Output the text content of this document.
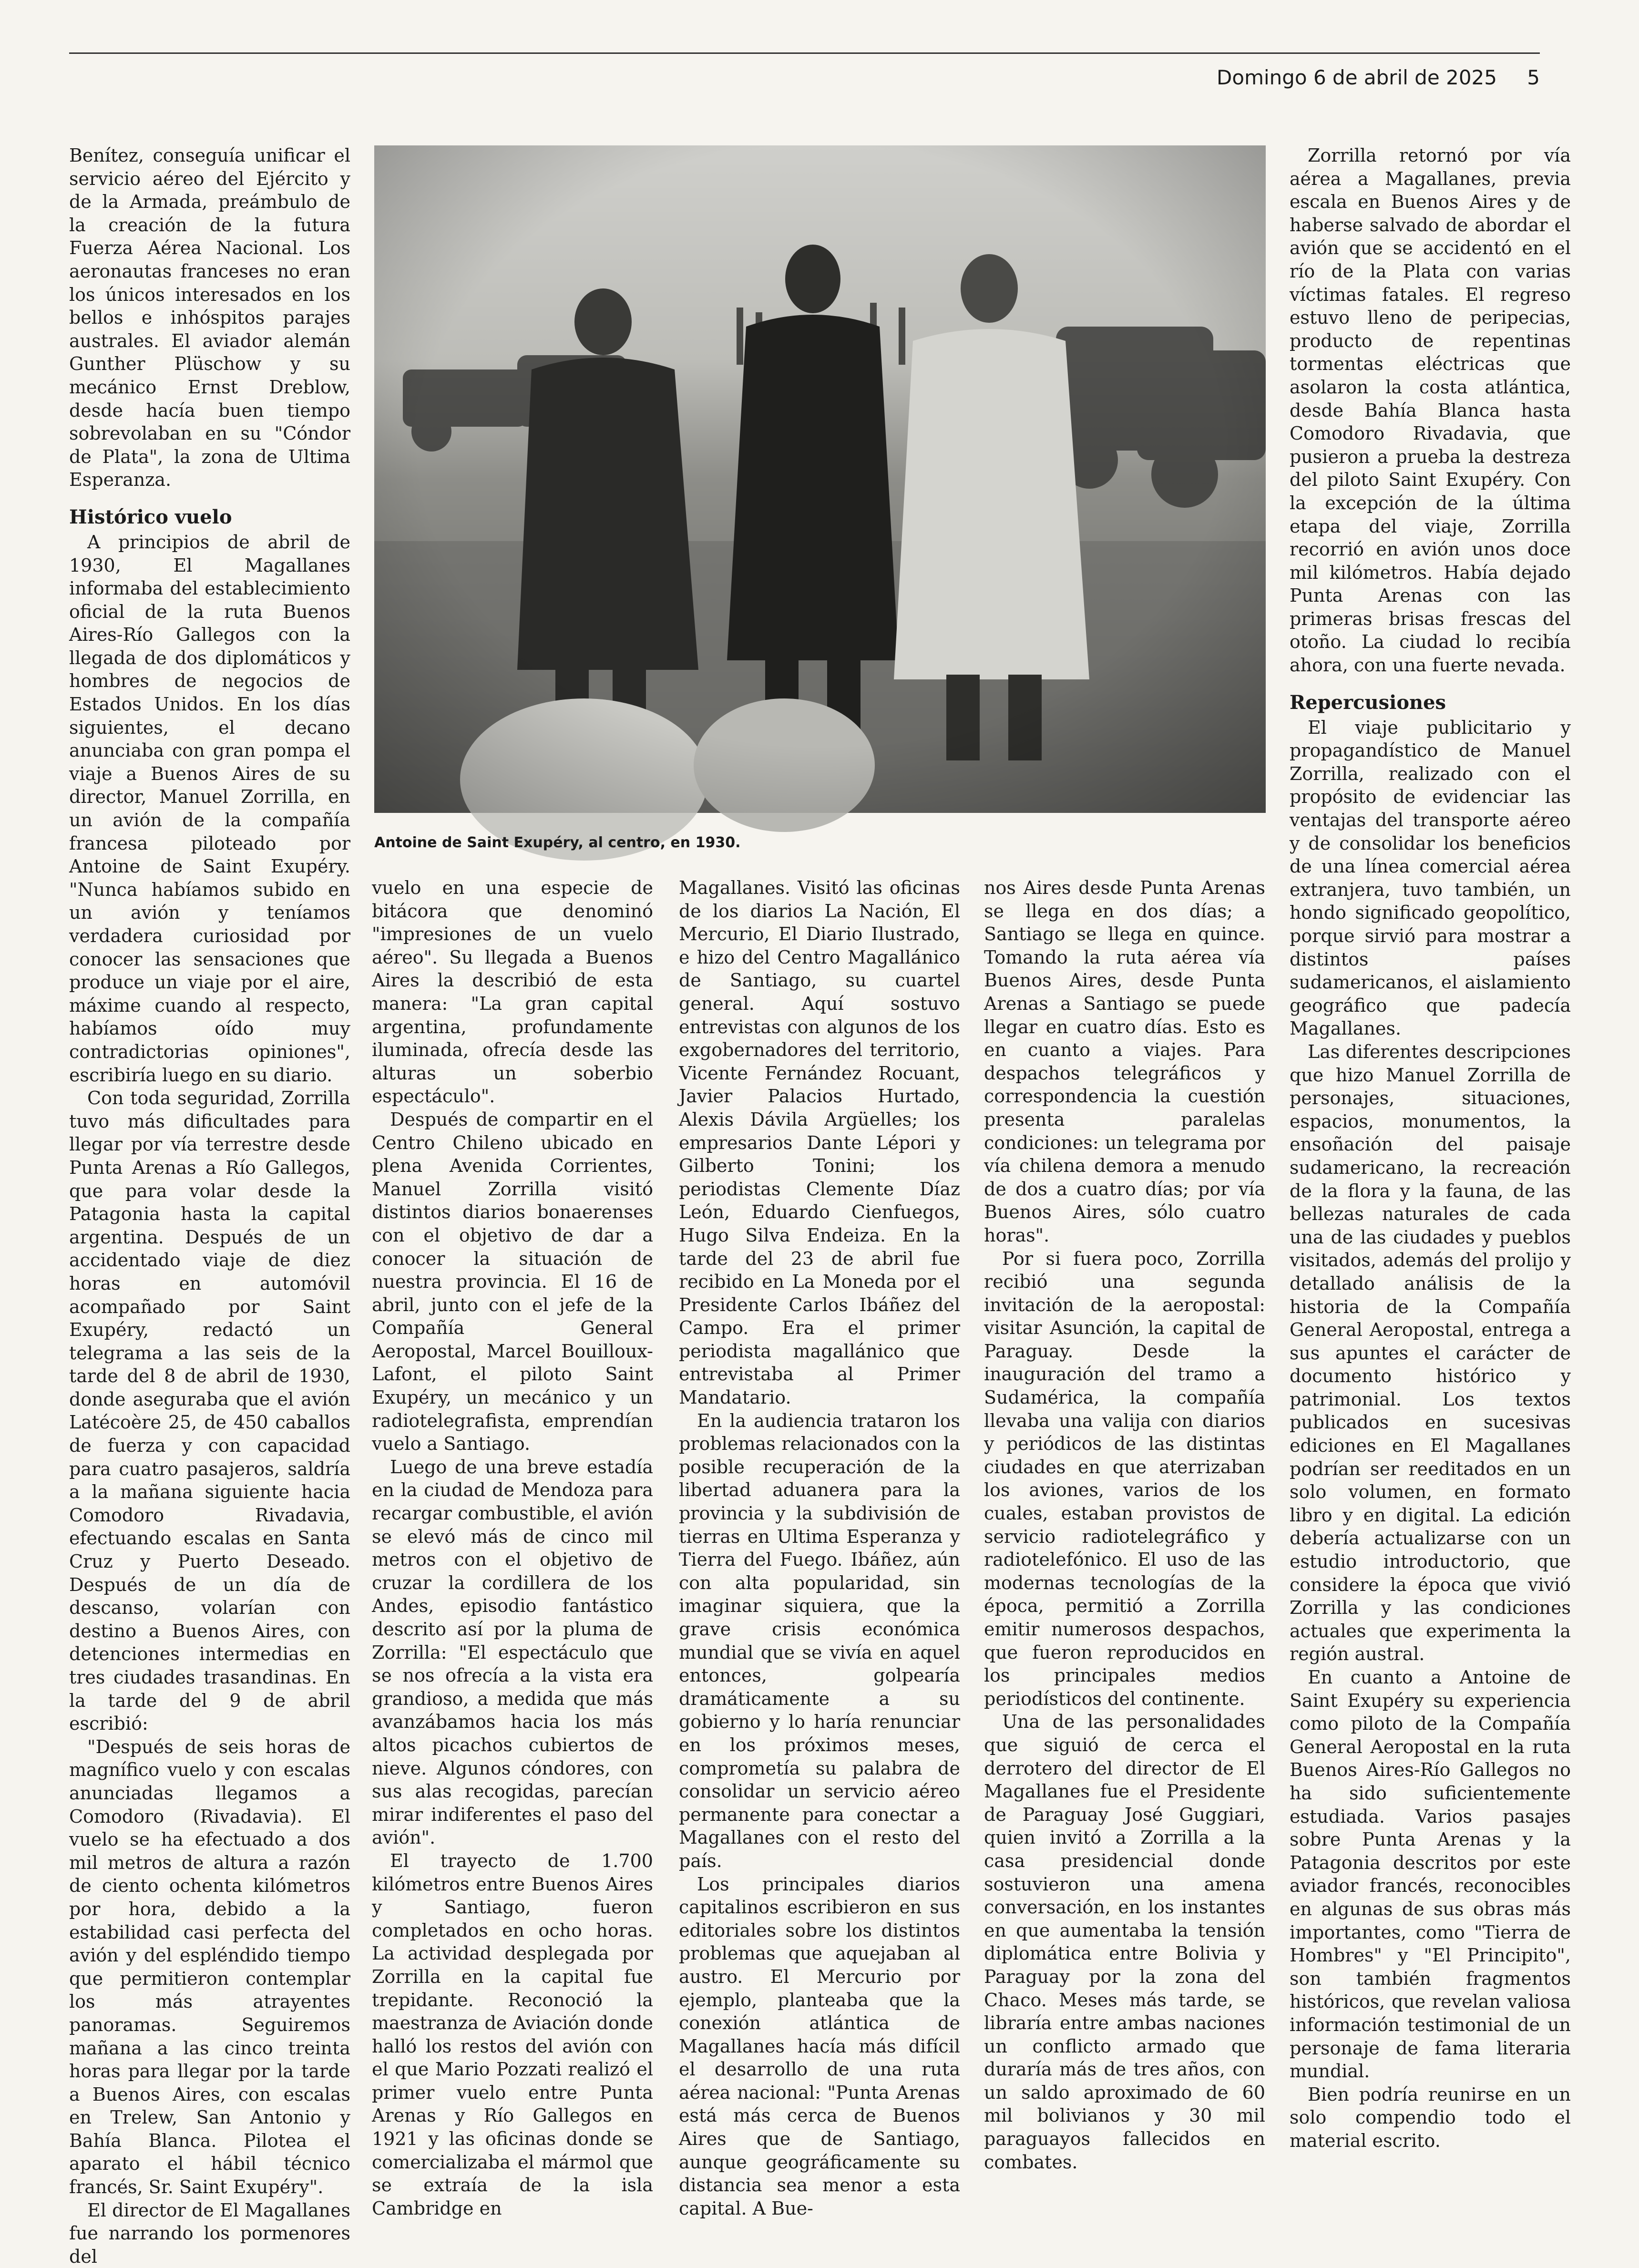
Domingo 6 de abril de 2025	5
Antoine de Saint Exupéry, al centro, en 1930.

Benítez, conseguía unificar el servicio aéreo del Ejército y de la Armada, preámbulo de la creación de la futura Fuerza Aérea Nacional. Los aeronautas franceses no eran los únicos interesados en los bellos e inhóspitos parajes australes. El aviador alemán Gunther Plüschow y su mecánico Ernst Dreblow, desde hacía buen tiempo sobrevolaban en su "Cóndor de Plata", la zona de Ultima Esperanza.

Histórico vuelo

A principios de abril de 1930, El Magallanes informaba del establecimiento oficial de la ruta Buenos Aires-Río Gallegos con la llegada de dos diplomáticos y hombres de negocios de Estados Unidos. En los días siguientes, el decano anunciaba con gran pompa el viaje a Buenos Aires de su director, Manuel Zorrilla, en un avión de la compañía francesa piloteado por Antoine de Saint Exupéry. "Nunca habíamos subido en un avión y teníamos verdadera curiosidad por conocer las sensaciones que produce un viaje por el aire, máxime cuando al respecto, habíamos oído muy contradictorias opiniones", escribiría luego en su diario.

Con toda seguridad, Zorrilla tuvo más dificultades para llegar por vía terrestre desde Punta Arenas a Río Gallegos, que para volar desde la Patagonia hasta la capital argentina. Después de un accidentado viaje de diez horas en automóvil acompañado por Saint Exupéry, redactó un telegrama a las seis de la tarde del 8 de abril de 1930, donde aseguraba que el avión Latécoère 25, de 450 caballos de fuerza y con capacidad para cuatro pasajeros, saldría a la mañana siguiente hacia Comodoro Rivadavia, efectuando escalas en Santa Cruz y Puerto Deseado. Después de un día de descanso, volarían con destino a Buenos Aires, con detenciones intermedias en tres ciudades trasandinas. En la tarde del 9 de abril escribió:

"Después de seis horas de magnífico vuelo y con escalas anunciadas llegamos a Comodoro (Rivadavia). El vuelo se ha efectuado a dos mil metros de altura a razón de ciento ochenta kilómetros por hora, debido a la estabilidad casi perfecta del avión y del espléndido tiempo que permitieron contemplar los más atrayentes panoramas. Seguiremos mañana a las cinco treinta horas para llegar por la tarde a Buenos Aires, con escalas en Trelew, San Antonio y Bahía Blanca. Pilotea el aparato el hábil técnico francés, Sr. Saint Exupéry".

El director de El Magallanes fue narrando los pormenores del

vuelo en una especie de bitácora que denominó "impresiones de un vuelo aéreo". Su llegada a Buenos Aires la describió de esta manera: "La gran capital argentina, profundamente iluminada, ofrecía desde las alturas un soberbio espectáculo".

Después de compartir en el Centro Chileno ubicado en plena Avenida Corrientes, Manuel Zorrilla visitó distintos diarios bonaerenses con el objetivo de dar a conocer la situación de nuestra provincia. El 16 de abril, junto con el jefe de la Compañía General Aeropostal, Marcel Bouilloux-Lafont, el piloto Saint Exupéry, un mecánico y un radiotelegrafista, emprendían vuelo a Santiago.

Luego de una breve estadía en la ciudad de Mendoza para recargar combustible, el avión se elevó más de cinco mil metros con el objetivo de cruzar la cordillera de los Andes, episodio fantástico descrito así por la pluma de Zorrilla: "El espectáculo que se nos ofrecía a la vista era grandioso, a medida que más avanzábamos hacia los más altos picachos cubiertos de nieve. Algunos cóndores, con sus alas recogidas, parecían mirar indiferentes el paso del avión".

El trayecto de 1.700 kilómetros entre Buenos Aires y Santiago, fueron completados en ocho horas. La actividad desplegada por Zorrilla en la capital fue trepidante. Reconoció la maestranza de Aviación donde halló los restos del avión con el que Mario Pozzati realizó el primer vuelo entre Punta Arenas y Río Gallegos en 1921 y las oficinas donde se comercializaba el mármol que se extraía de la isla Cambridge en

Magallanes. Visitó las oficinas de los diarios La Nación, El Mercurio, El Diario Ilustrado, e hizo del Centro Magallánico de Santiago, su cuartel general. Aquí sostuvo entrevistas con algunos de los exgobernadores del territorio, Vicente Fernández Rocuant, Javier Palacios Hurtado, Alexis Dávila Argüelles; los empresarios Dante Lépori y Gilberto Tonini; los periodistas Clemente Díaz León, Eduardo Cienfuegos, Hugo Silva Endeiza. En la tarde del 23 de abril fue recibido en La Moneda por el Presidente Carlos Ibáñez del Campo. Era el primer periodista magallánico que entrevistaba al Primer Mandatario.

En la audiencia trataron los problemas relacionados con la posible recuperación de la libertad aduanera para la provincia y la subdivisión de tierras en Ultima Esperanza y Tierra del Fuego. Ibáñez, aún con alta popularidad, sin imaginar siquiera, que la grave crisis económica mundial que se vivía en aquel entonces, golpearía dramáticamente a su gobierno y lo haría renunciar en los próximos meses, comprometía su palabra de consolidar un servicio aéreo permanente para conectar a Magallanes con el resto del país.

Los principales diarios capitalinos escribieron en sus editoriales sobre los distintos problemas que aquejaban al austro. El Mercurio por ejemplo, planteaba que la conexión atlántica de Magallanes hacía más difícil el desarrollo de una ruta aérea nacional: "Punta Arenas está más cerca de Buenos Aires que de Santiago, aunque geográficamente su distancia sea menor a esta capital. A Bue-

nos Aires desde Punta Arenas se llega en dos días; a Santiago se llega en quince. Tomando la ruta aérea vía Buenos Aires, desde Punta Arenas a Santiago se puede llegar en cuatro días. Esto es en cuanto a viajes. Para despachos telegráficos y correspondencia la cuestión presenta paralelas condiciones: un telegrama por vía chilena demora a menudo de dos a cuatro días; por vía Buenos Aires, sólo cuatro horas".

Por si fuera poco, Zorrilla recibió una segunda invitación de la aeropostal: visitar Asunción, la capital de Paraguay. Desde la inauguración del tramo a Sudamérica, la compañía llevaba una valija con diarios y periódicos de las distintas ciudades en que aterrizaban los aviones, varios de los cuales, estaban provistos de servicio radiotelegráfico y radiotelefónico. El uso de las modernas tecnologías de la época, permitió a Zorrilla emitir numerosos despachos, que fueron reproducidos en los principales medios periodísticos del continente.

Una de las personalidades que siguió de cerca el derrotero del director de El Magallanes fue el Presidente de Paraguay José Guggiari, quien invitó a Zorrilla a la casa presidencial donde sostuvieron una amena conversación, en los instantes en que aumentaba la tensión diplomática entre Bolivia y Paraguay por la zona del Chaco. Meses más tarde, se libraría entre ambas naciones un conflicto armado que duraría más de tres años, con un saldo aproximado de 60 mil bolivianos y 30 mil paraguayos fallecidos en combates.

Zorrilla retornó por vía aérea a Magallanes, previa escala en Buenos Aires y de haberse salvado de abordar el avión que se accidentó en el río de la Plata con varias víctimas fatales. El regreso estuvo lleno de peripecias, producto de repentinas tormentas eléctricas que asolaron la costa atlántica, desde Bahía Blanca hasta Comodoro Rivadavia, que pusieron a prueba la destreza del piloto Saint Exupéry. Con la excepción de la última etapa del viaje, Zorrilla recorrió en avión unos doce mil kilómetros. Había dejado Punta Arenas con las primeras brisas frescas del otoño. La ciudad lo recibía ahora, con una fuerte nevada.

Repercusiones

El viaje publicitario y propagandístico de Manuel Zorrilla, realizado con el propósito de evidenciar las ventajas del transporte aéreo y de consolidar los beneficios de una línea comercial aérea extranjera, tuvo también, un hondo significado geopolítico, porque sirvió para mostrar a distintos países sudamericanos, el aislamiento geográfico que padecía Magallanes.

Las diferentes descripciones que hizo Manuel Zorrilla de personajes, situaciones, espacios, monumentos, la ensoñación del paisaje sudamericano, la recreación de la flora y la fauna, de las bellezas naturales de cada una de las ciudades y pueblos visitados, además del prolijo y detallado análisis de la historia de la Compañía General Aeropostal, entrega a sus apuntes el carácter de documento histórico y patrimonial. Los textos publicados en sucesivas ediciones en El Magallanes podrían ser reeditados en un solo volumen, en formato libro y en digital. La edición debería actualizarse con un estudio introductorio, que considere la época que vivió Zorrilla y las condiciones actuales que experimenta la región austral.

En cuanto a Antoine de Saint Exupéry su experiencia como piloto de la Compañía General Aeropostal en la ruta Buenos Aires-Río Gallegos no ha sido suficientemente estudiada. Varios pasajes sobre Punta Arenas y la Patagonia descritos por este aviador francés, reconocibles en algunas de sus obras más importantes, como "Tierra de Hombres" y "El Principito", son también fragmentos históricos, que revelan valiosa información testimonial de un personaje de fama literaria mundial.

Bien podría reunirse en un solo compendio todo el material escrito.
